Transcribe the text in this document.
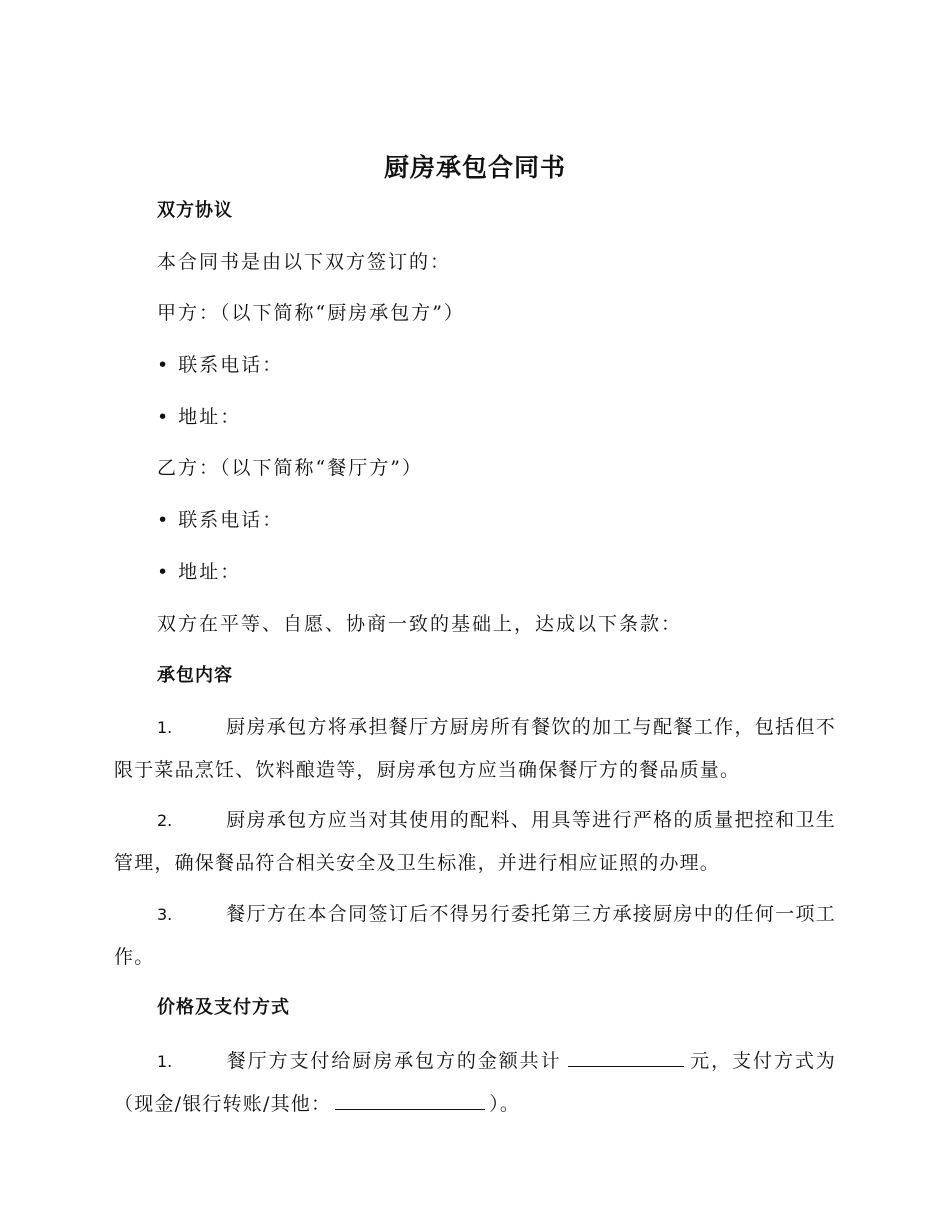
厨房承包合同书
双方协议
本合同书是由以下双方签订的：
甲方：（以下简称“厨房承包方”）
• 联系电话：
• 地址：
乙方：（以下简称“餐厅方”）
• 联系电话：
• 地址：
双方在平等、自愿、协商一致的基础上，达成以下条款：
承包内容
1.	厨房承包方将承担餐厅方厨房所有餐饮的加工与配餐工作，包括但不限于菜品烹饪、饮料酿造等，厨房承包方应当确保餐厅方的餐品质量。
2.	厨房承包方应当对其使用的配料、用具等进行严格的质量把控和卫生管理，确保餐品符合相关安全及卫生标准，并进行相应证照的办理。
3.	餐厅方在本合同签订后不得另行委托第三方承接厨房中的任何一项工作。
价格及支付方式
1.	餐厅方支付给厨房承包方的金额共计	元，支付方式为（现金/银行转账/其他：	）。
